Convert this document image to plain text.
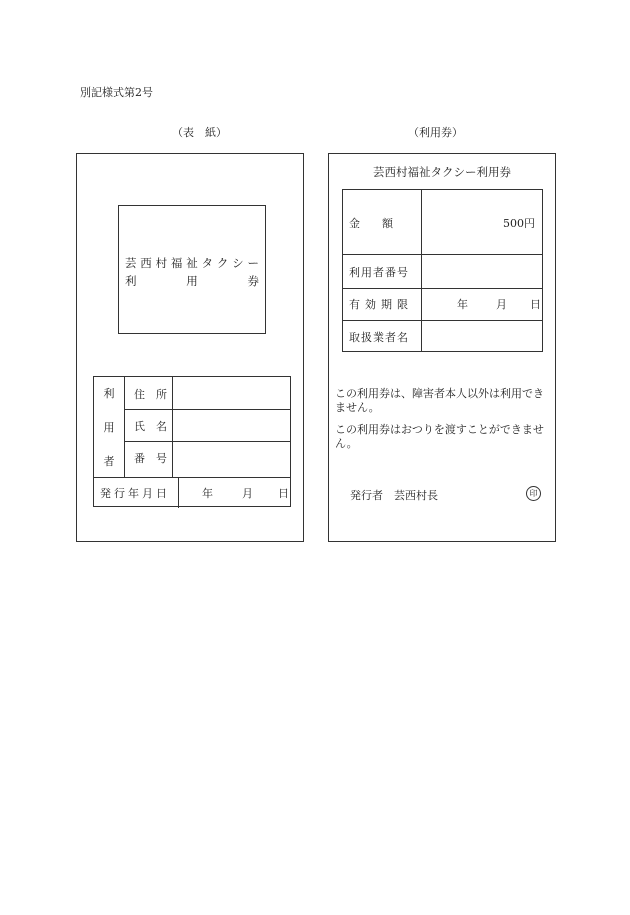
別記様式第2号
（表　紙）	（利用券）
芸西村福祉タクシー
利	用	券
利
用
者
住　所
氏　名
番　号
発行年月日	年	月 日
芸西村福祉タクシー利用券
金　　額	500円
利用者番号
有効期限	年	月 日
取扱業者名
この利用券は、障害者本人以外は利用できません。
この利用券はおつりを渡すことができません。
発行者　芸西村長	印
